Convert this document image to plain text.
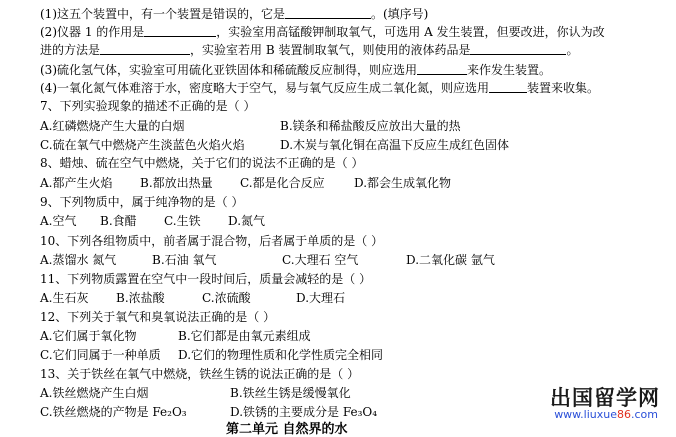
(1)这五个装置中，有一个装置是错误的，它是	。(填序号)
(2)仪器 1 的作用是	，实验室用高锰酸钾制取氧气，可选用 A 发生装置，但要改进，你认为改
进的方法是	，实验室若用 B 装置制取氧气，则使用的液体药品是	。
(3)硫化氢气体，实验室可用硫化亚铁固体和稀硫酸反应制得，则应选用	来作发生装置。
(4)一氧化氮气体难溶于水，密度略大于空气，易与氧气反应生成二氧化氮，则应选用	装置来收集。
7、下列实验现象的描述不正确的是（ ）
A.红磷燃烧产生大量的白烟	B.镁条和稀盐酸反应放出大量的热
C.硫在氧气中燃烧产生淡蓝色火焰火焰	D.木炭与氧化铜在高温下反应生成红色固体
8、蜡烛、硫在空气中燃烧，关于它们的说法不正确的是（ ）
A.都产生火焰 B.都放出热量 C.都是化合反应 D.都会生成氧化物
9、下列物质中，属于纯净物的是（ ）
A.空气 B.食醋 C.生铁 D.氮气
10、下列各组物质中，前者属于混合物，后者属于单质的是（ ）
A.蒸馏水 氮气	B.石油 氧气	C.大理石 空气	D.二氧化碳 氩气
11、下列物质露置在空气中一段时间后，质量会减轻的是（ ）
A.生石灰 B.浓盐酸	C.浓硫酸	D.大理石
12、下列关于氧气和臭氧说法正确的是（ ）
A.它们属于氧化物	B.它们都是由氧元素组成
C.它们同属于一种单质 D.它们的物理性质和化学性质完全相同
13、关于铁丝在氧气中燃烧，铁丝生锈的说法正确的是（ ）
A.铁丝燃烧产生白烟	B.铁丝生锈是缓慢氧化
C.铁丝燃烧的产物是 Fe₂O₃	D.铁锈的主要成分是 Fe₃O₄
第二单元 自然界的水
出国留学网
www.liuxue86.com
